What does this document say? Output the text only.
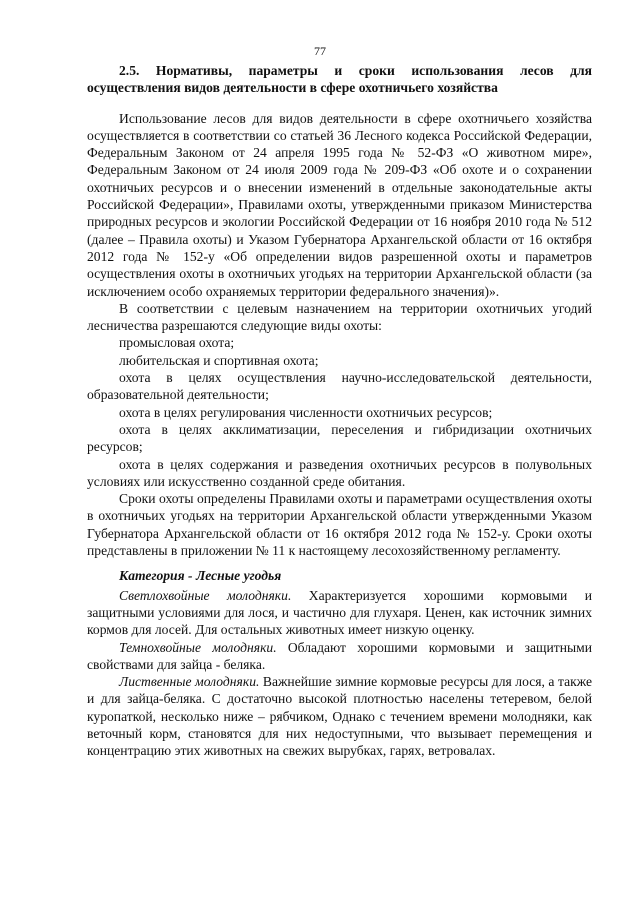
77

2.5. Нормативы, параметры и сроки использования лесов для осуществления видов деятельности в сфере охотничьего хозяйства

Использование лесов для видов деятельности в сфере охотничьего хозяйства осуществляется в соответствии со статьей 36 Лесного кодекса Российской Федерации, Федеральным Законом от 24 апреля 1995 года № 52-ФЗ «О животном мире», Федеральным Законом от 24 июля 2009 года № 209-ФЗ «Об охоте и о сохранении охотничьих ресурсов и о внесении изменений в отдельные законодательные акты Российской Федерации», Правилами охоты, утвержденными приказом Министерства природных ресурсов и экологии Российской Федерации от 16 ноября 2010 года № 512 (далее – Правила охоты) и Указом Губернатора Архангельской области от 16 октября 2012 года № 152-у «Об определении видов разрешенной охоты и параметров осуществления охоты в охотничьих угодьях на территории Архангельской области (за исключением особо охраняемых территории федерального значения)».

В соответствии с целевым назначением на территории охотничьих угодий лесничества разрешаются следующие виды охоты:

промысловая охота;

любительская и спортивная охота;

охота в целях осуществления научно-исследовательской деятельности, образовательной деятельности;

охота в целях регулирования численности охотничьих ресурсов;

охота в целях акклиматизации, переселения и гибридизации охотничьих ресурсов;

охота в целях содержания и разведения охотничьих ресурсов в полувольных условиях или искусственно созданной среде обитания.

Сроки охоты определены Правилами охоты и параметрами осуществления охоты в охотничьих угодьях на территории Архангельской области утвержденными Указом Губернатора Архангельской области от 16 октября 2012 года № 152-у. Сроки охоты представлены в приложении № 11 к настоящему лесохозяйственному регламенту.

Категория - Лесные угодья

Светлохвойные молодняки. Характеризуется хорошими кормовыми и защитными условиями для лося, и частично для глухаря. Ценен, как источник зимних кормов для лосей. Для остальных животных имеет низкую оценку.

Темнохвойные молодняки. Обладают хорошими кормовыми и защитными свойствами для зайца - беляка.

Лиственные молодняки. Важнейшие зимние кормовые ресурсы для лося, а также и для зайца-беляка. С достаточно высокой плотностью населены тетеревом, белой куропаткой, несколько ниже – рябчиком, Однако с течением времени молодняки, как веточный корм, становятся для них недоступными, что вызывает перемещения и концентрацию этих животных на свежих вырубках, гарях, ветровалах.
